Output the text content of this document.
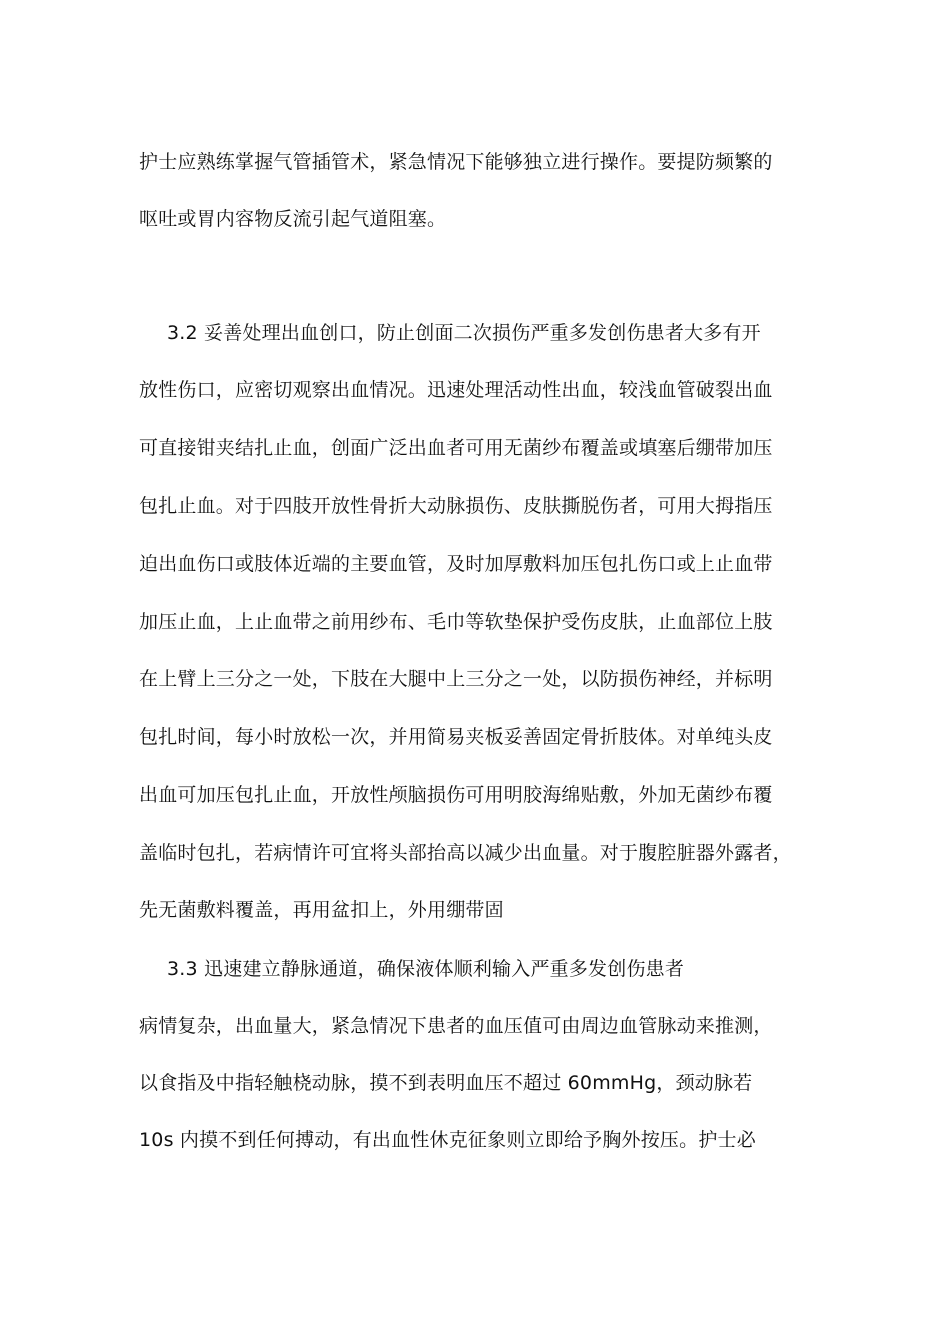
护士应熟练掌握气管插管术，紧急情况下能够独立进行操作。要提防频繁的
呕吐或胃内容物反流引起气道阻塞。
3.2 妥善处理出血创口，防止创面二次损伤严重多发创伤患者大多有开
放性伤口，应密切观察出血情况。迅速处理活动性出血，较浅血管破裂出血
可直接钳夹结扎止血，创面广泛出血者可用无菌纱布覆盖或填塞后绷带加压
包扎止血。对于四肢开放性骨折大动脉损伤、皮肤撕脱伤者，可用大拇指压
迫出血伤口或肢体近端的主要血管，及时加厚敷料加压包扎伤口或上止血带
加压止血，上止血带之前用纱布、毛巾等软垫保护受伤皮肤，止血部位上肢
在上臂上三分之一处，下肢在大腿中上三分之一处，以防损伤神经，并标明
包扎时间，每小时放松一次，并用简易夹板妥善固定骨折肢体。对单纯头皮
出血可加压包扎止血，开放性颅脑损伤可用明胶海绵贴敷，外加无菌纱布覆
盖临时包扎，若病情许可宜将头部抬高以减少出血量。对于腹腔脏器外露者，
先无菌敷料覆盖，再用盆扣上，外用绷带固
3.3 迅速建立静脉通道，确保液体顺利输入严重多发创伤患者
病情复杂，出血量大，紧急情况下患者的血压值可由周边血管脉动来推测，
以食指及中指轻触桡动脉，摸不到表明血压不超过 60mmHg，颈动脉若
10s 内摸不到任何搏动，有出血性休克征象则立即给予胸外按压。护士必
